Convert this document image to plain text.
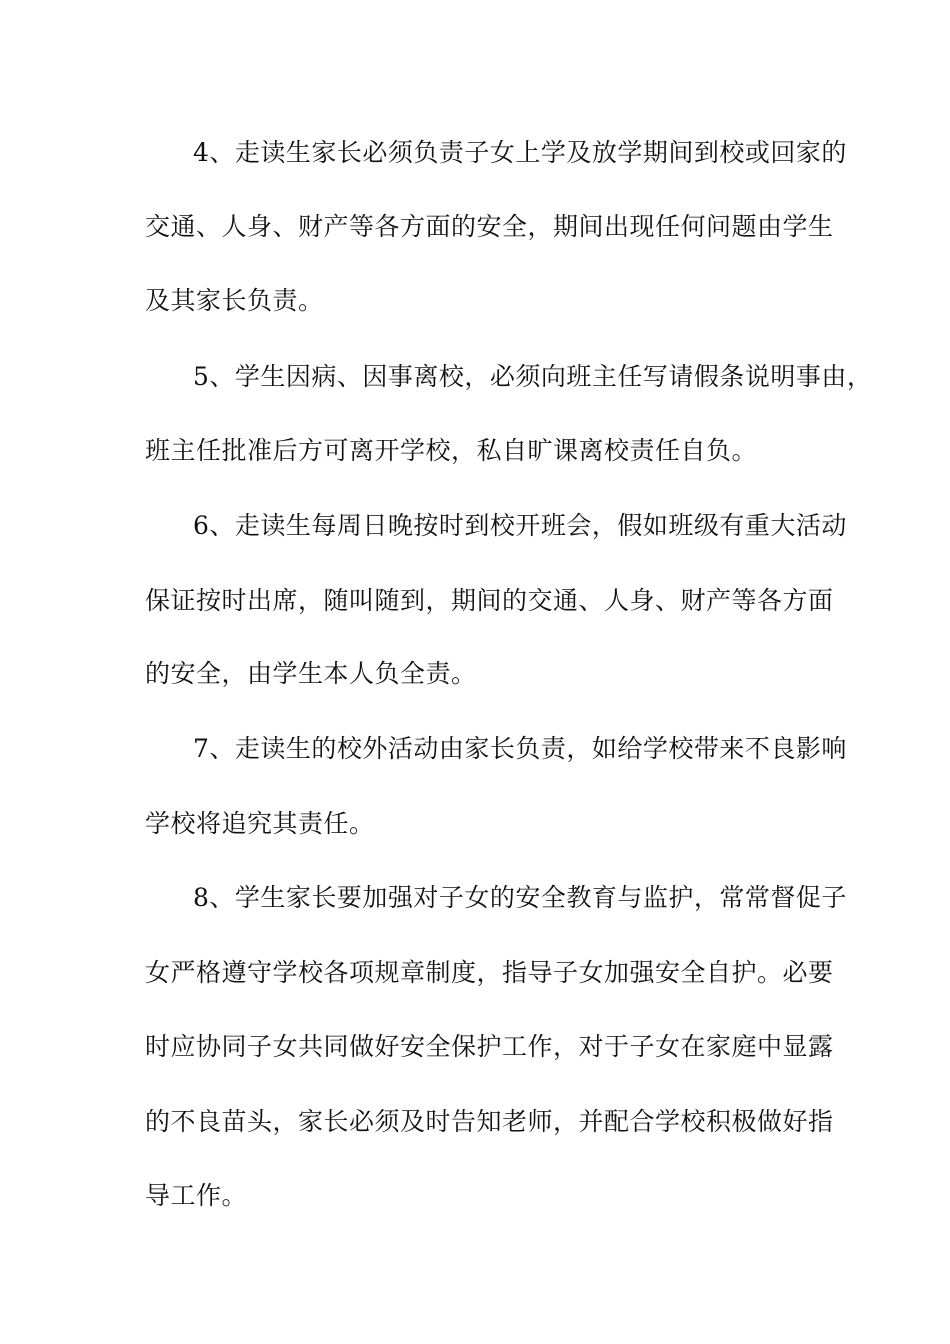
4、走读生家长必须负责子女上学及放学期间到校或回家的
交通、人身、财产等各方面的安全，期间出现任何问题由学生
及其家长负责。
5、学生因病、因事离校，必须向班主任写请假条说明事由，
班主任批准后方可离开学校，私自旷课离校责任自负。
6、走读生每周日晚按时到校开班会，假如班级有重大活动
保证按时出席，随叫随到，期间的交通、人身、财产等各方面
的安全，由学生本人负全责。
7、走读生的校外活动由家长负责，如给学校带来不良影响
学校将追究其责任。
8、学生家长要加强对子女的安全教育与监护，常常督促子
女严格遵守学校各项规章制度，指导子女加强安全自护。必要
时应协同子女共同做好安全保护工作，对于子女在家庭中显露
的不良苗头，家长必须及时告知老师，并配合学校积极做好指
导工作。
